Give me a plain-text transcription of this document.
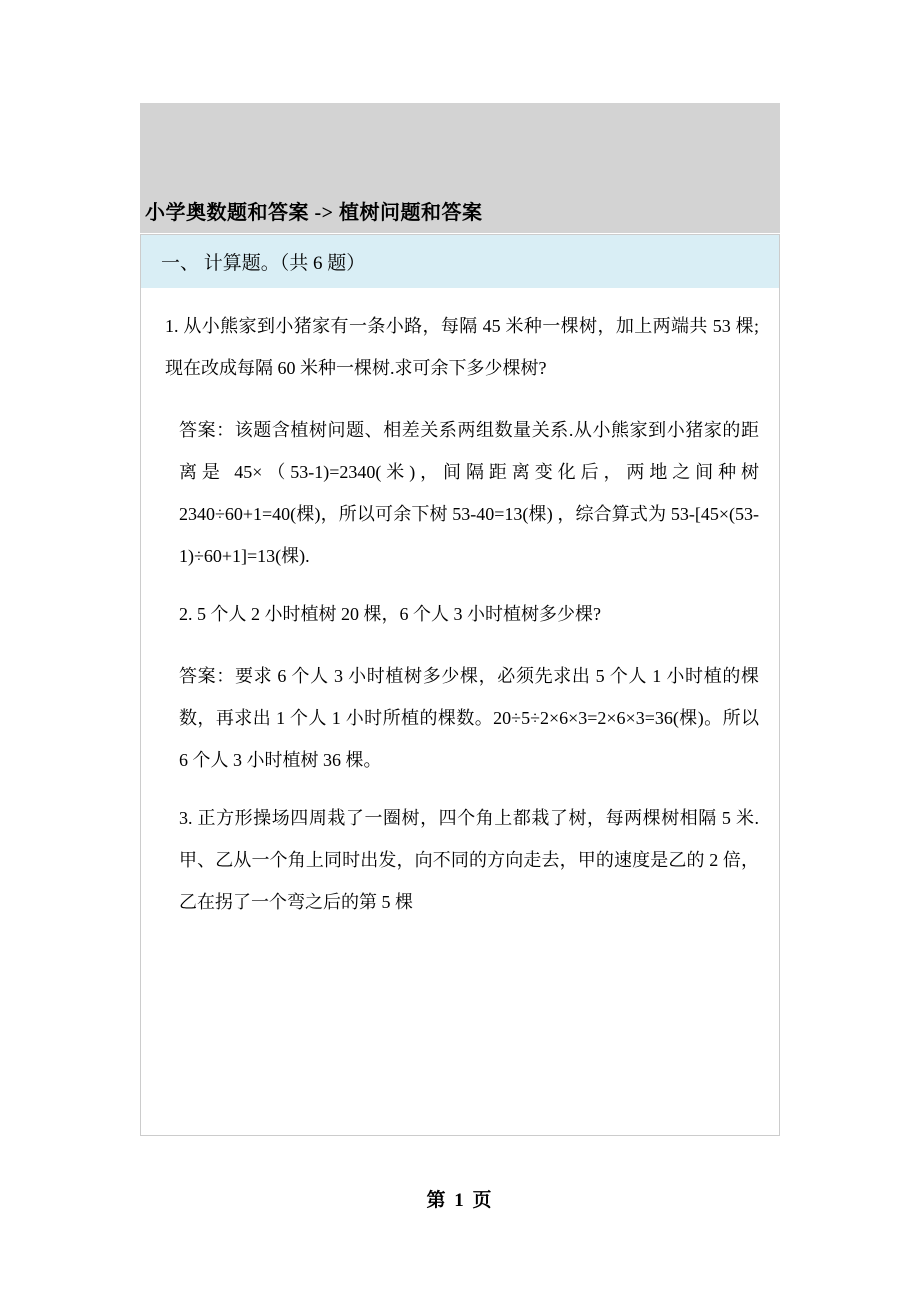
小学奥数题和答案 -> 植树问题和答案
一、 计算题。（共 6 题）

1. 从小熊家到小猪家有一条小路，每隔 45 米种一棵树，加上两端共 53 棵;现在改成每隔 60 米种一棵树.求可余下多少棵树?

答案：该题含植树问题、相差关系两组数量关系.从小熊家到小猪家的距离是 45×（53-1)=2340(米)，间隔距离变化后，两地之间种树 2340÷60+1=40(棵)，所以可余下树 53-40=13(棵) ，综合算式为 53-[45×(53-1)÷60+1]=13(棵).

2. 5 个人 2 小时植树 20 棵，6 个人 3 小时植树多少棵?

答案：要求 6 个人 3 小时植树多少棵，必须先求出 5 个人 1 小时植的棵数，再求出 1 个人 1 小时所植的棵数。20÷5÷2×6×3=2×6×3=36(棵)。所以 6 个人 3 小时植树 36 棵。

3. 正方形操场四周栽了一圈树，四个角上都栽了树，每两棵树相隔 5 米.甲、乙从一个角上同时出发，向不同的方向走去，甲的速度是乙的 2 倍，乙在拐了一个弯之后的第 5 棵

第 1 页
